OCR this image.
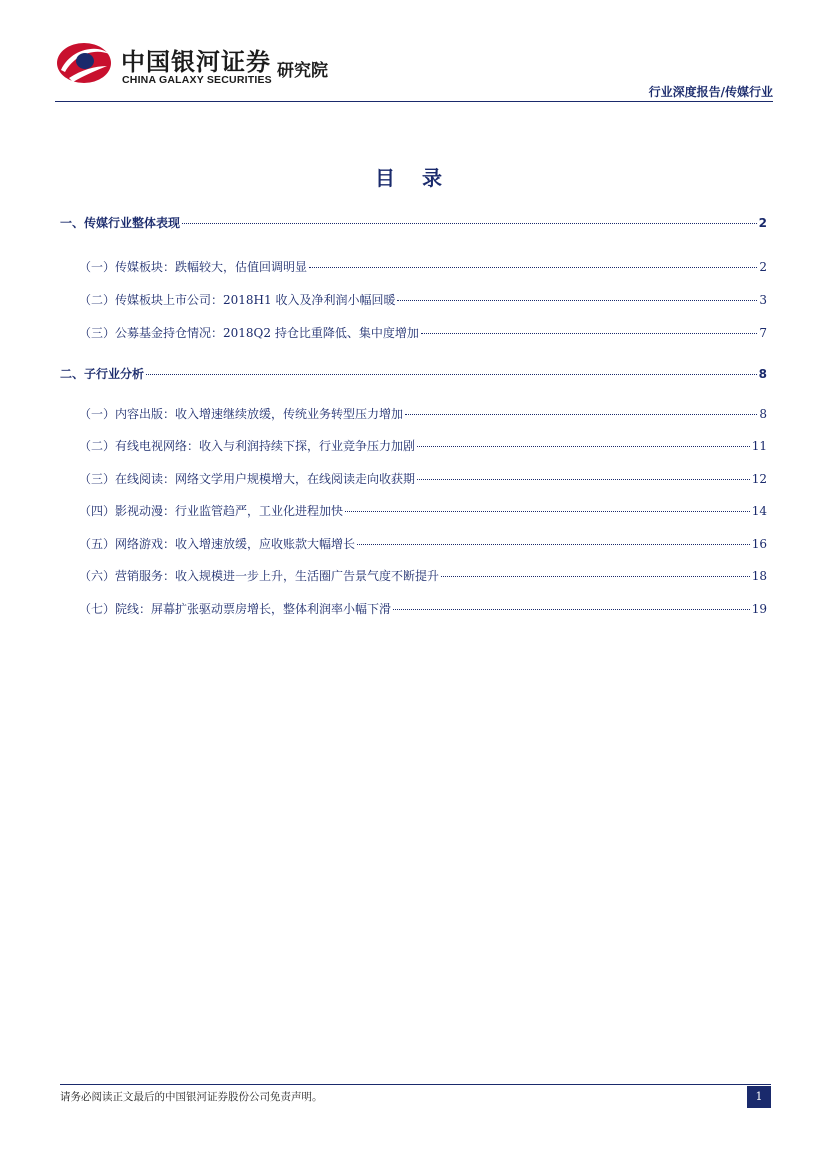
中国银河证券
CHINA GALAXY SECURITIES 研究院
行业深度报告/传媒行业
目 录
一、传媒行业整体表现	2
（一）传媒板块：跌幅较大，估值回调明显	2
（二）传媒板块上市公司：2018H1 收入及净利润小幅回暖	3
（三）公募基金持仓情况：2018Q2 持仓比重降低、集中度增加	7
二、子行业分析	8
（一）内容出版：收入增速继续放缓，传统业务转型压力增加	8
（二）有线电视网络：收入与利润持续下探，行业竞争压力加剧	11
（三）在线阅读：网络文学用户规模增大，在线阅读走向收获期	12
（四）影视动漫：行业监管趋严，工业化进程加快	14
（五）网络游戏：收入增速放缓，应收账款大幅增长	16
（六）营销服务：收入规模进一步上升，生活圈广告景气度不断提升	18
（七）院线：屏幕扩张驱动票房增长，整体利润率小幅下滑	19
请务必阅读正文最后的中国银河证券股份公司免责声明。	1
